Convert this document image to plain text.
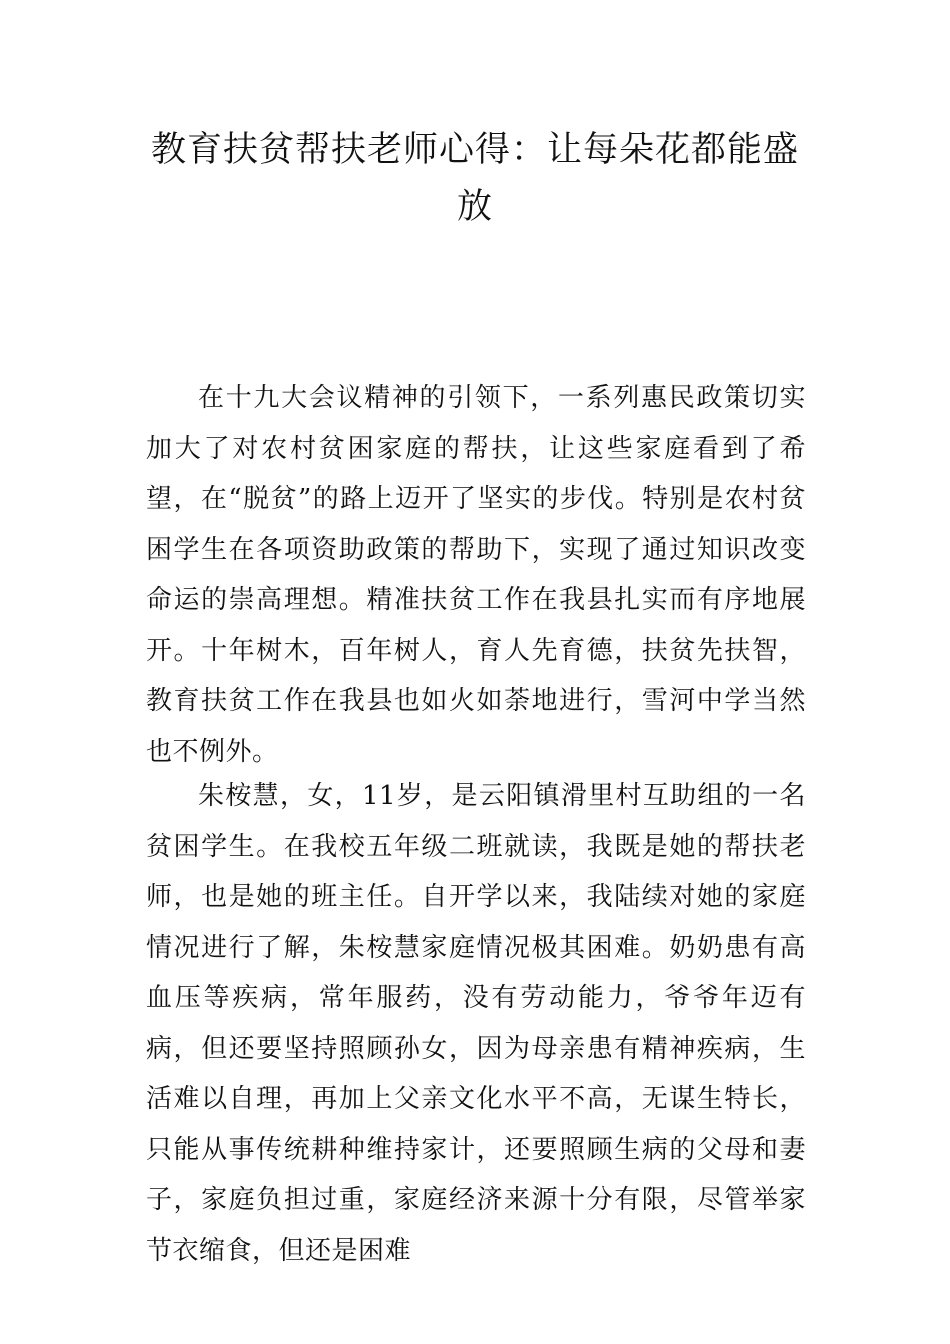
教育扶贫帮扶老师心得：让每朵花都能盛放

在十九大会议精神的引领下，一系列惠民政策切实加大了对农村贫困家庭的帮扶，让这些家庭看到了希望，在“脱贫”的路上迈开了坚实的步伐。特别是农村贫困学生在各项资助政策的帮助下，实现了通过知识改变命运的崇高理想。精准扶贫工作在我县扎实而有序地展开。十年树木，百年树人，育人先育德，扶贫先扶智，教育扶贫工作在我县也如火如荼地进行，雪河中学当然也不例外。

朱桉慧，女，11岁，是云阳镇滑里村互助组的一名贫困学生。在我校五年级二班就读，我既是她的帮扶老师，也是她的班主任。自开学以来，我陆续对她的家庭情况进行了解，朱桉慧家庭情况极其困难。奶奶患有高血压等疾病，常年服药，没有劳动能力，爷爷年迈有病，但还要坚持照顾孙女，因为母亲患有精神疾病，生活难以自理，再加上父亲文化水平不高，无谋生特长，只能从事传统耕种维持家计，还要照顾生病的父母和妻子，家庭负担过重，家庭经济来源十分有限，尽管举家节衣缩食，但还是困难
